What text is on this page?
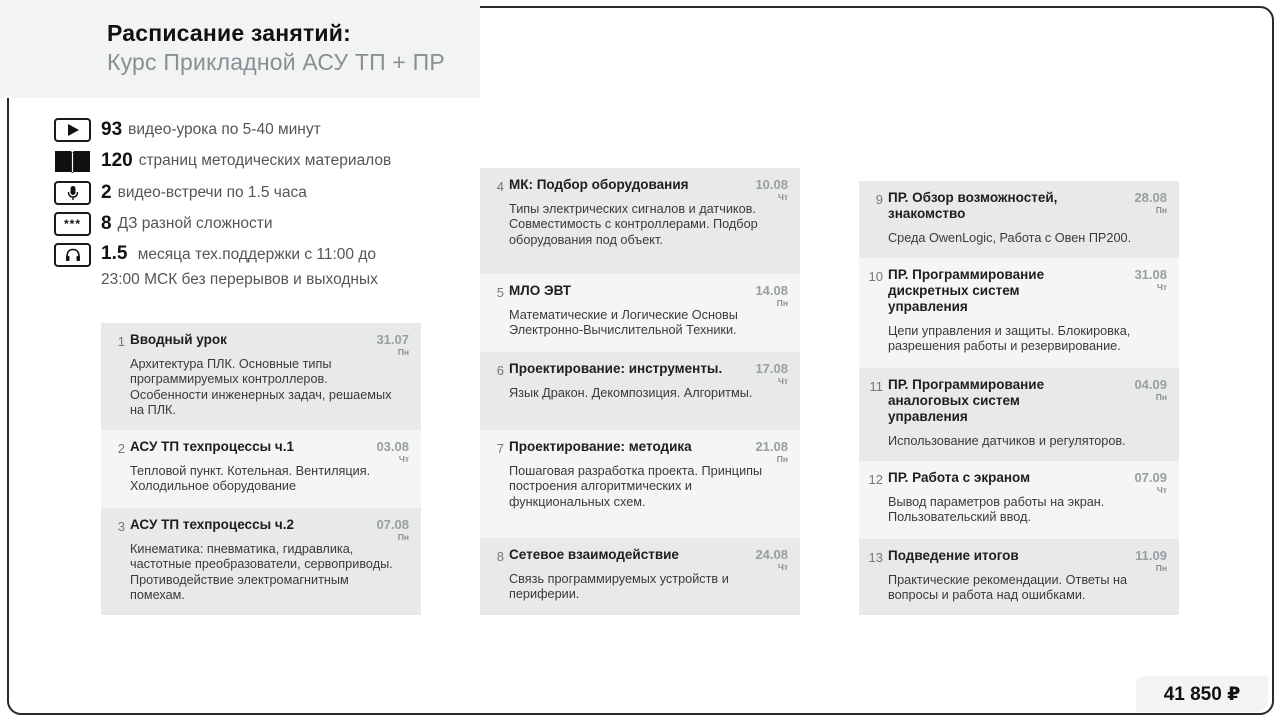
Расписание занятий:
Курс Прикладной АСУ ТП + ПР
93 видео-урока по 5-40 минут
120 страниц методических материалов
2 видео-встречи по 1.5 часа
***	8 ДЗ разной сложности
1.5 месяца тех.поддержки с 11:00 до
23:00 МСК без перерывов и выходных
1 Вводный урок	31.07
Пн
Архитектура ПЛК. Основные типы программируемых контроллеров. Особенности инженерных задач, решаемых на ПЛК.
2 АСУ ТП техпроцессы ч.1	03.08
Чт
Тепловой пункт. Котельная. Вентиляция. Холодильное оборудование
3 АСУ ТП техпроцессы ч.2	07.08
Пн
Кинематика: пневматика, гидравлика, частотные преобразователи, сервоприводы. Противодействие электромагнитным помехам.
4 МК: Подбор оборудования	10.08
Чт
Типы электрических сигналов и датчиков. Совместимость с контроллерами. Подбор оборудования под объект.
5 МЛО ЭВТ	14.08
Пн
Математические и Логические Основы Электронно-Вычислительной Техники.
6 Проектирование: инструменты.	17.08
Чт
Язык Дракон. Декомпозиция. Алгоритмы.
7 Проектирование: методика	21.08
Пн
Пошаговая разработка проекта. Принципы построения алгоритмических и функциональных схем.
8 Сетевое взаимодействие	24.08
Чт
Связь программируемых устройств и периферии.
9 ПР. Обзор возможностей, знакомство
28.08
Пн
Среда OwenLogic, Работа с Овен ПР200.
10 ПР. Программирование дискретных систем управления
31.08
Чт
Цепи управления и защиты. Блокировка, разрешения работы и резервирование.
11 ПР. Программирование аналоговых систем управления
04.09
Пн
Использование датчиков и регуляторов.
12 ПР. Работа с экраном	07.09
Чт
Вывод параметров работы на экран. Пользовательский ввод.
13 Подведение итогов	11.09
Пн
Практические рекомендации. Ответы на вопросы и работа над ошибками.
41 850 ₽
